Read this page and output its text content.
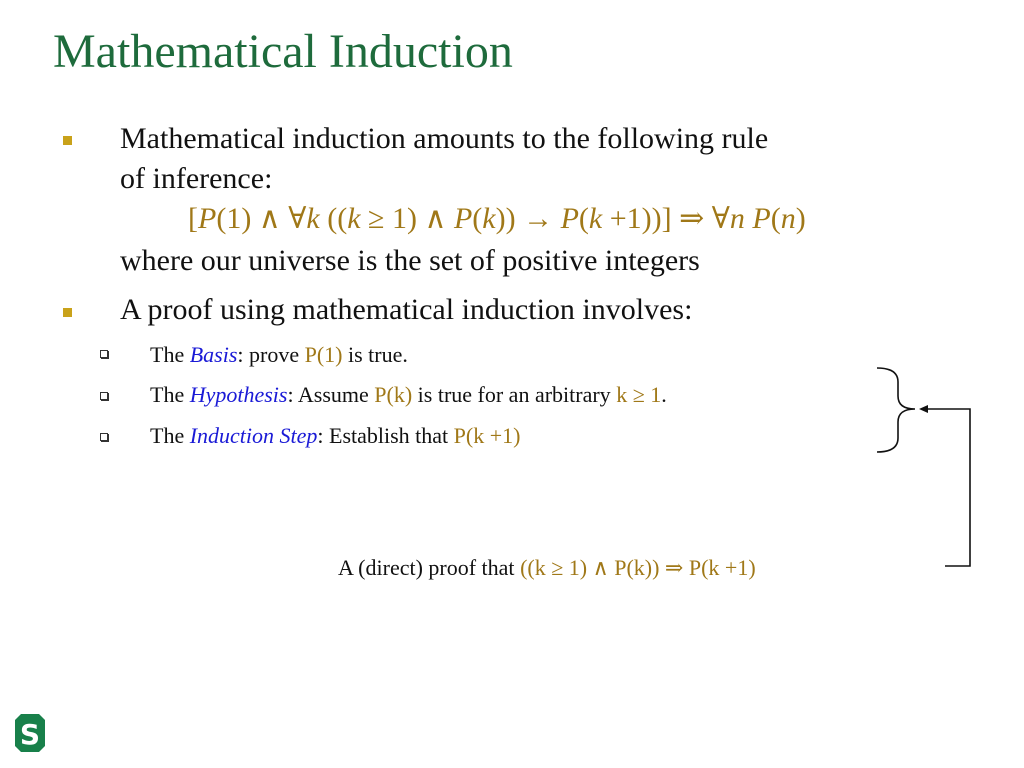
Mathematical Induction
Mathematical induction amounts to the following rule
of inference:
[P(1) ∧ ∀k ((k ≥ 1) ∧ P(k)) → P(k +1))] ⇒ ∀n P(n)
where our universe is the set of positive integers
A proof using mathematical induction involves:
The Basis: prove P(1) is true.
The Hypothesis: Assume P(k) is true for an arbitrary k ≥ 1.
The Induction Step: Establish that P(k +1)
A (direct) proof that ((k ≥ 1) ∧ P(k)) ⇒ P(k +1)
S
